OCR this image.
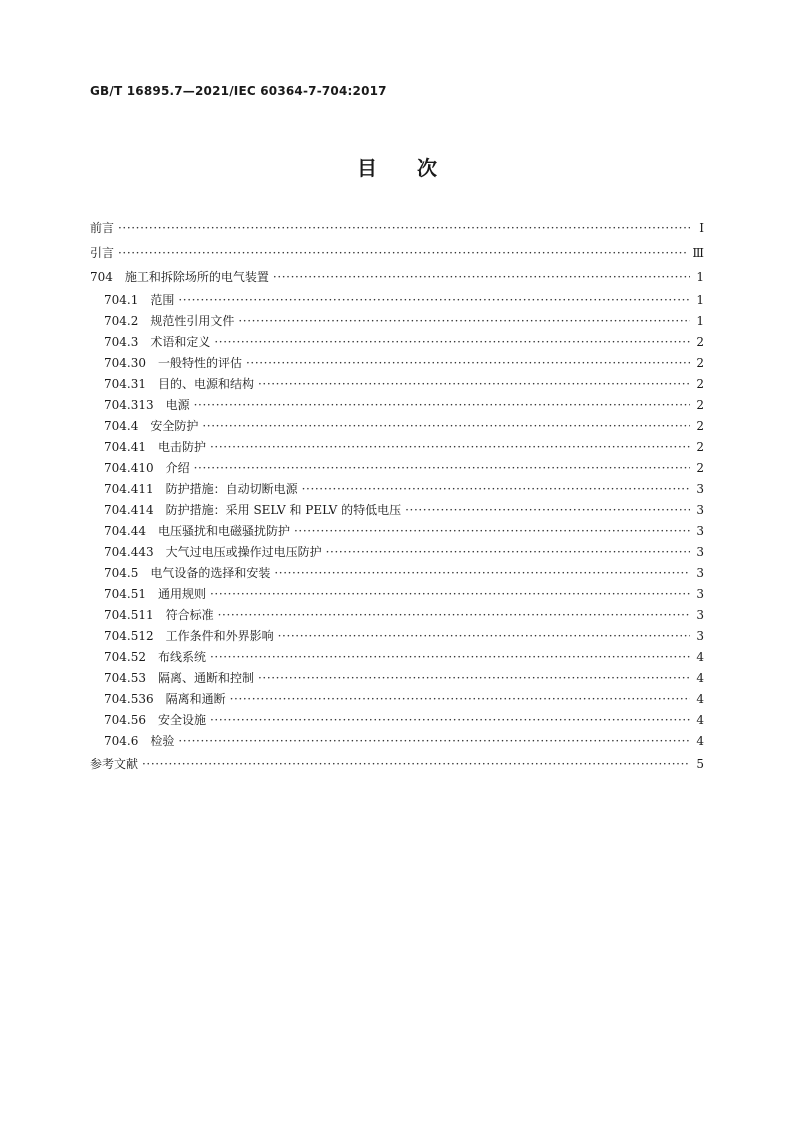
GB/T 16895.7—2021/IEC 60364-7-704:2017
目　　次
前言 ·····	Ⅰ
引言 ·····	Ⅲ
704 施工和拆除场所的电气装置 ·····	1
704.1 范围 ·····	1
704.2 规范性引用文件 ·····	1
704.3 术语和定义 ·····	2
704.30 一般特性的评估 ·····	2
704.31 目的、电源和结构 ·····	2
704.313 电源 ·····	2
704.4 安全防护 ·····	2
704.41 电击防护 ·····	2
704.410 介绍 ·····	2
704.411 防护措施：自动切断电源 ·····	3
704.414 防护措施：采用 SELV 和 PELV 的特低电压 ·····	3
704.44 电压骚扰和电磁骚扰防护 ·····	3
704.443 大气过电压或操作过电压防护 ·····	3
704.5 电气设备的选择和安装 ·····	3
704.51 通用规则 ·····	3
704.511 符合标准 ·····	3
704.512 工作条件和外界影响 ·····	3
704.52 布线系统 ·····	4
704.53 隔离、通断和控制 ·····	4
704.536 隔离和通断 ·····	4
704.56 安全设施 ·····	4
704.6 检验 ·····	4
参考文献 ·····	5
